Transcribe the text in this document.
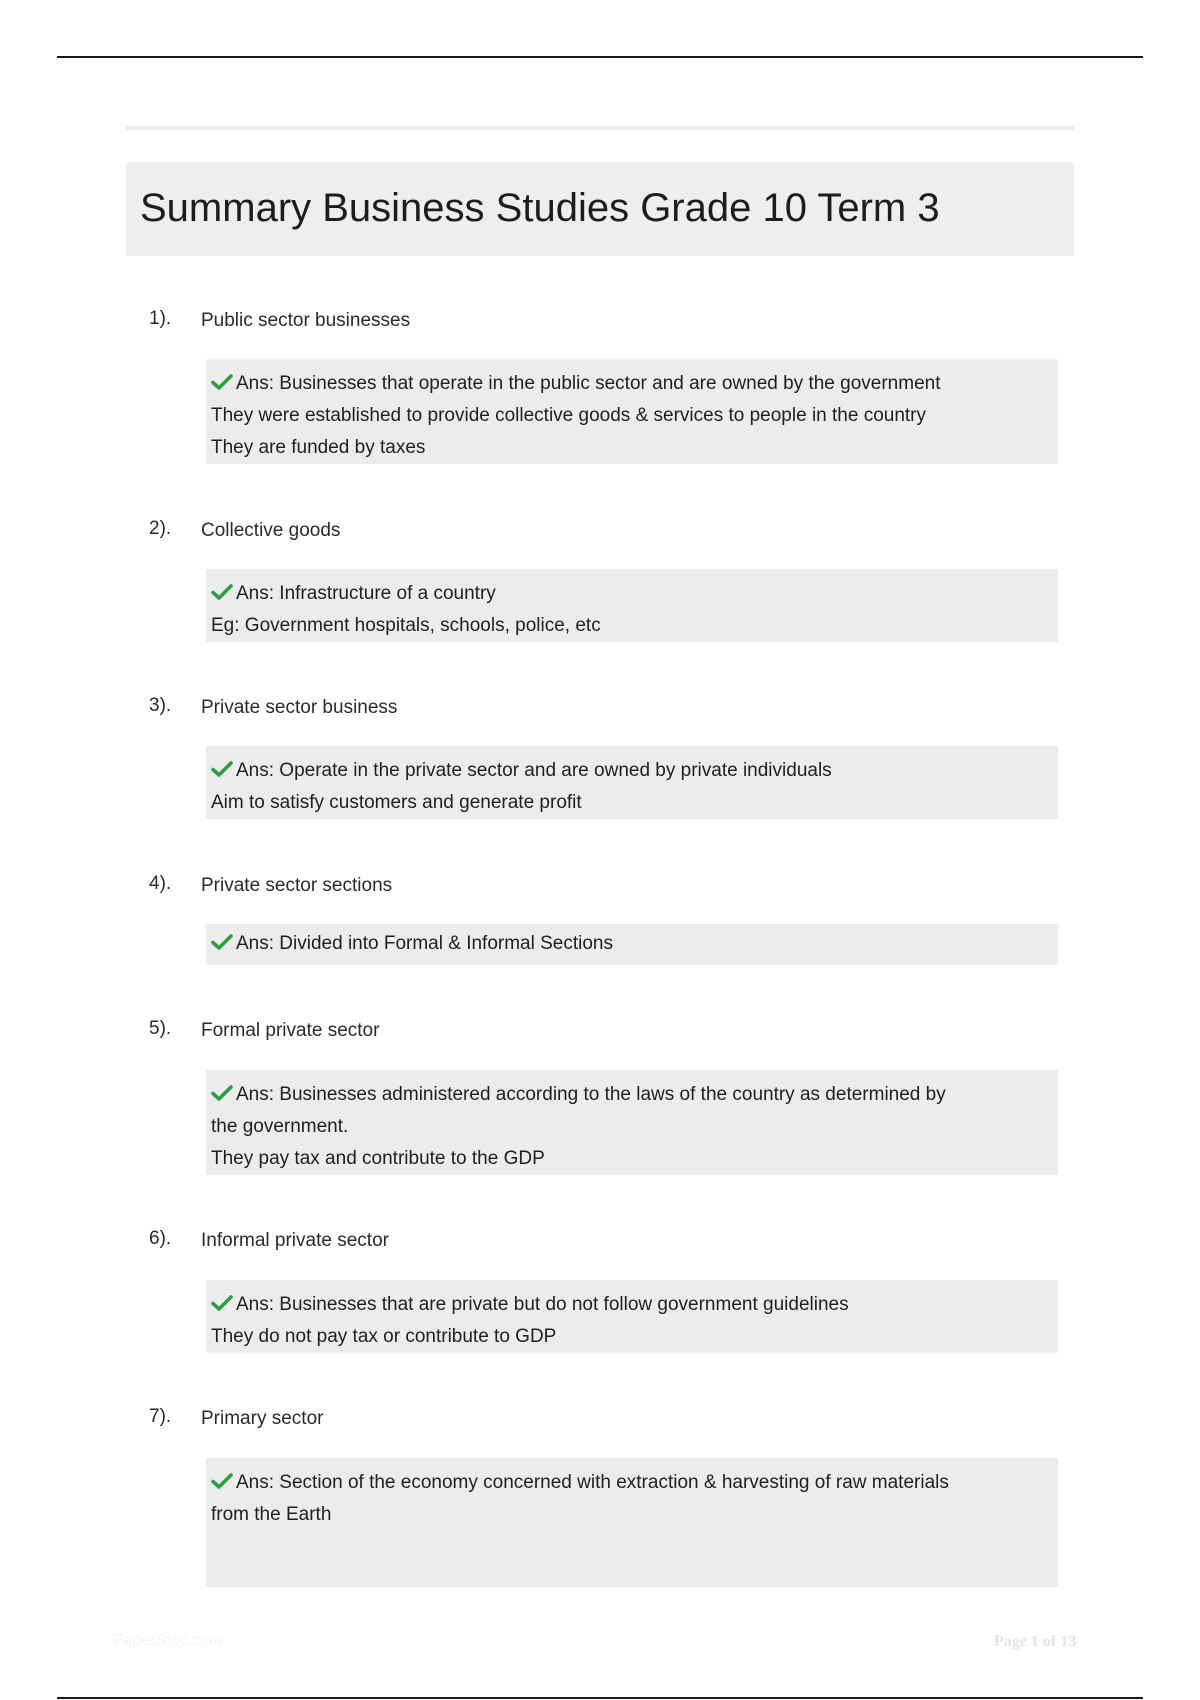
Summary Business Studies Grade 10 Term 3
1). Public sector businesses
Ans: Businesses that operate in the public sector and are owned by the government
They were established to provide collective goods & services to people in the country
They are funded by taxes
2). Collective goods
Ans: Infrastructure of a country
Eg: Government hospitals, schools, police, etc
3). Private sector business
Ans: Operate in the private sector and are owned by private individuals
Aim to satisfy customers and generate profit
4). Private sector sections
Ans: Divided into Formal & Informal Sections
5). Formal private sector
Ans: Businesses administered according to the laws of the country as determined by
the government.
They pay tax and contribute to the GDP
6). Informal private sector
Ans: Businesses that are private but do not follow government guidelines
They do not pay tax or contribute to GDP
7). Primary sector
Ans: Section of the economy concerned with extraction & harvesting of raw materials
from the Earth
PaperStoc.com	Page 1 of 13
